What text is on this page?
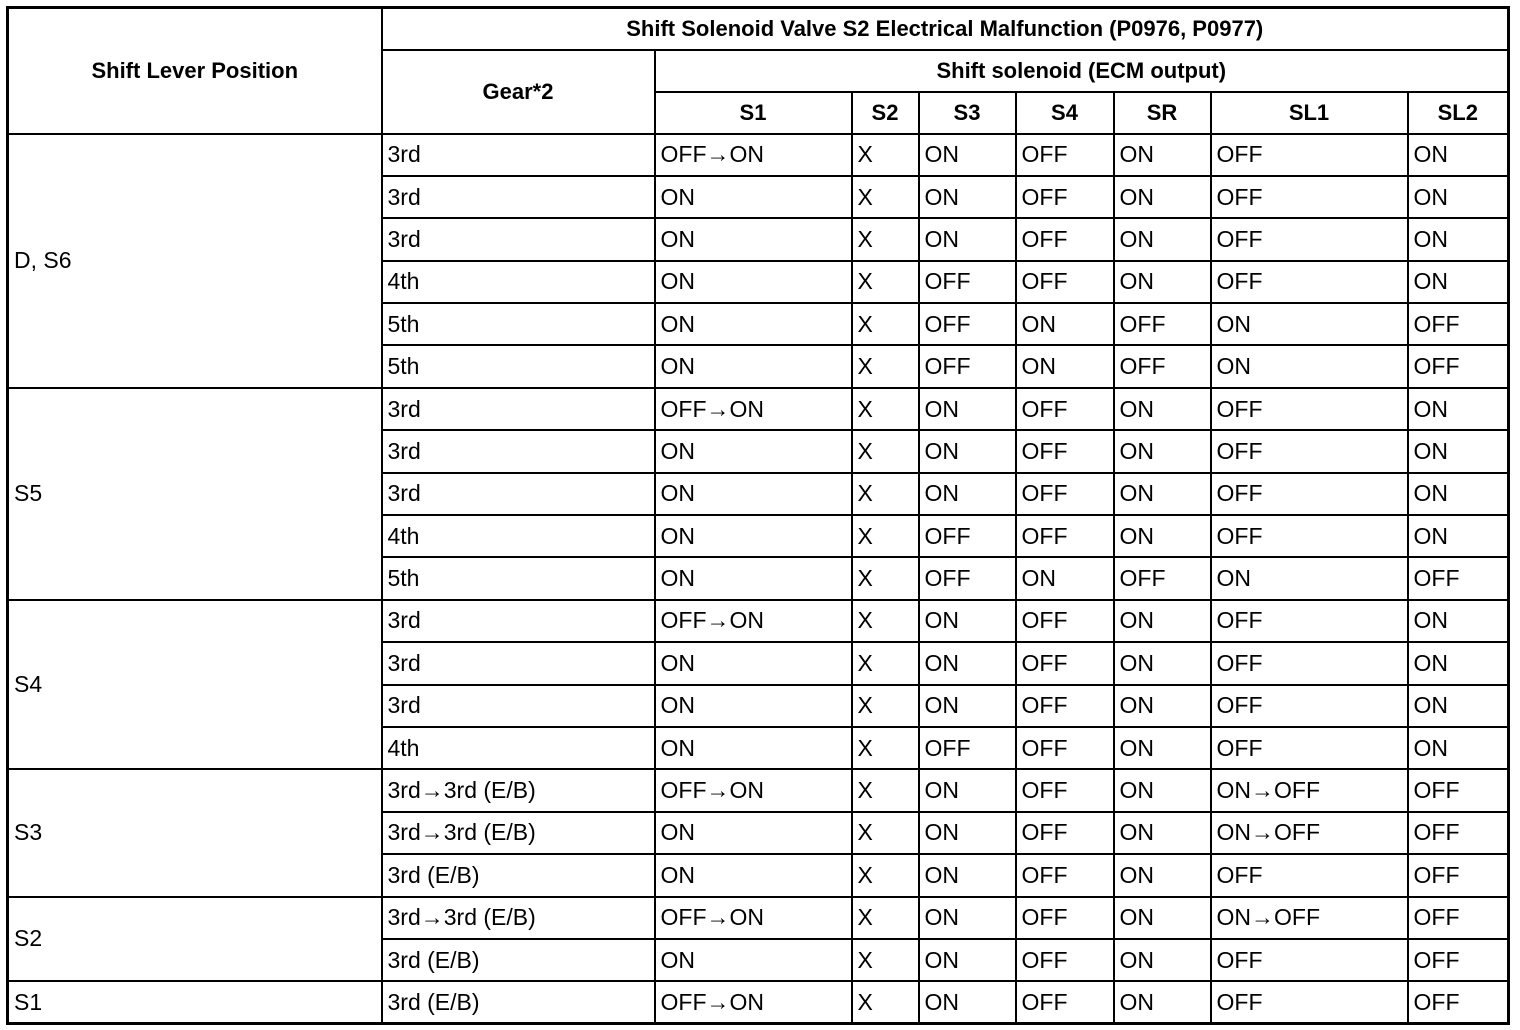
Shift Lever Position	Shift Solenoid Valve S2 Electrical Malfunction (P0976, P0977)							
	Gear*2	Shift solenoid (ECM output)						
		S1	S2	S3	S4	SR	SL1	SL2
D, S6	3rd	OFF→ON	X	ON	OFF	ON	OFF	ON
	3rd	ON	X	ON	OFF	ON	OFF	ON
	3rd	ON	X	ON	OFF	ON	OFF	ON
	4th	ON	X	OFF	OFF	ON	OFF	ON
	5th	ON	X	OFF	ON	OFF	ON	OFF
	5th	ON	X	OFF	ON	OFF	ON	OFF
S5	3rd	OFF→ON	X	ON	OFF	ON	OFF	ON
	3rd	ON	X	ON	OFF	ON	OFF	ON
	3rd	ON	X	ON	OFF	ON	OFF	ON
	4th	ON	X	OFF	OFF	ON	OFF	ON
	5th	ON	X	OFF	ON	OFF	ON	OFF
S4	3rd	OFF→ON	X	ON	OFF	ON	OFF	ON
	3rd	ON	X	ON	OFF	ON	OFF	ON
	3rd	ON	X	ON	OFF	ON	OFF	ON
	4th	ON	X	OFF	OFF	ON	OFF	ON
S3	3rd→3rd (E/B)	OFF→ON	X	ON	OFF	ON	ON→OFF	OFF
	3rd→3rd (E/B)	ON	X	ON	OFF	ON	ON→OFF	OFF
	3rd (E/B)	ON	X	ON	OFF	ON	OFF	OFF
S2	3rd→3rd (E/B)	OFF→ON	X	ON	OFF	ON	ON→OFF	OFF
	3rd (E/B)	ON	X	ON	OFF	ON	OFF	OFF
S1	3rd (E/B)	OFF→ON	X	ON	OFF	ON	OFF	OFF
